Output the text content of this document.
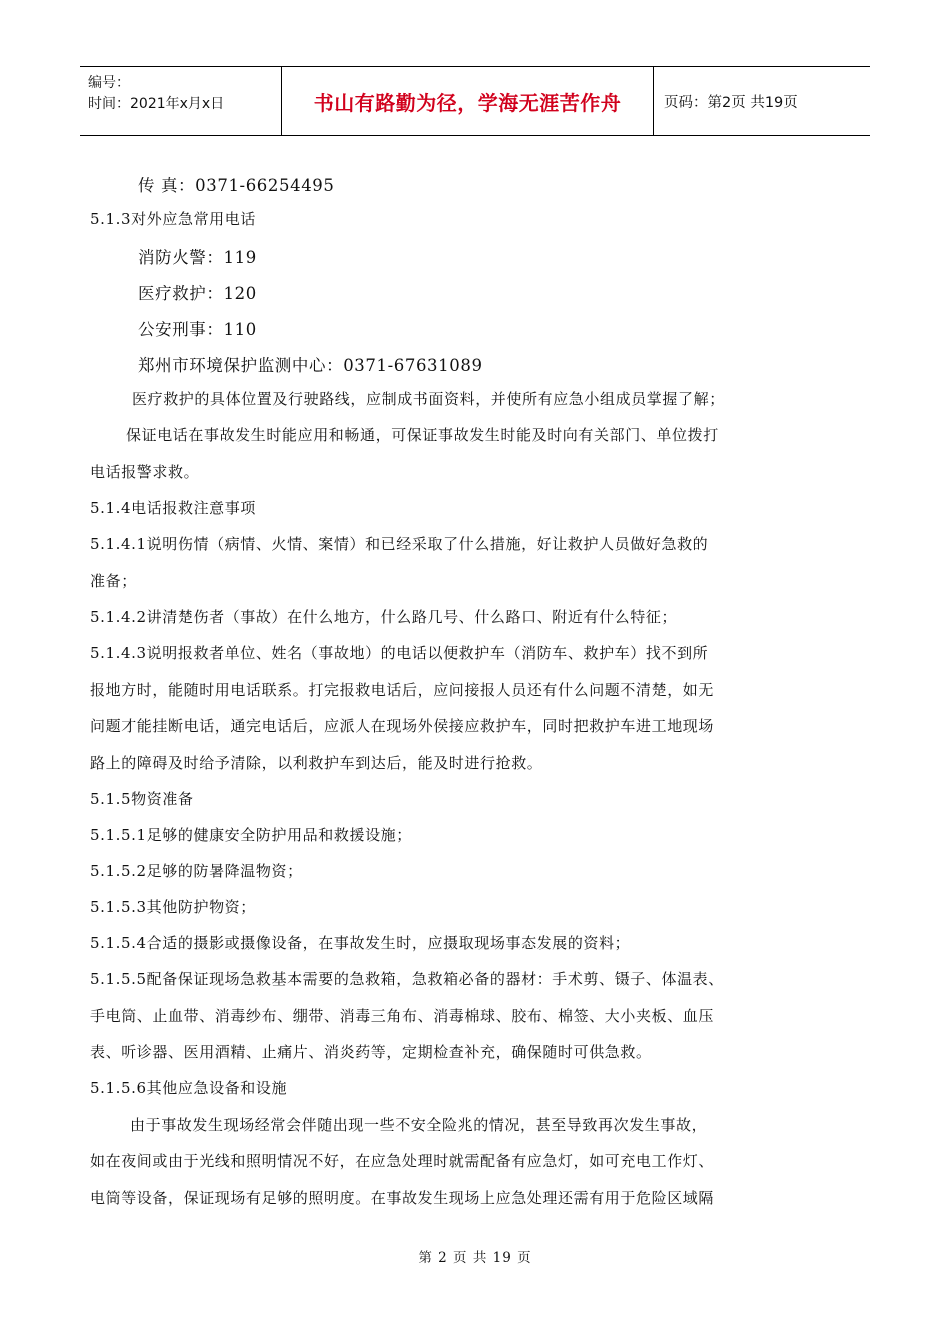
编号：
时间：2021年x月x日	书山有路勤为径，学海无涯苦作舟	页码：第2页 共19页
传 真：0371-66254495
5.1.3对外应急常用电话
消防火警：119
医疗救护：120
公安刑事：110
郑州市环境保护监测中心：0371-67631089
医疗救护的具体位置及行驶路线，应制成书面资料，并使所有应急小组成员掌握了解；
保证电话在事故发生时能应用和畅通，可保证事故发生时能及时向有关部门、单位拨打
电话报警求救。
5.1.4电话报救注意事项
5.1.4.1说明伤情（病情、火情、案情）和已经采取了什么措施，好让救护人员做好急救的
准备；
5.1.4.2讲清楚伤者（事故）在什么地方，什么路几号、什么路口、附近有什么特征；
5.1.4.3说明报救者单位、姓名（事故地）的电话以便救护车（消防车、救护车）找不到所
报地方时，能随时用电话联系。打完报救电话后，应问接报人员还有什么问题不清楚，如无
问题才能挂断电话，通完电话后，应派人在现场外侯接应救护车，同时把救护车进工地现场
路上的障碍及时给予清除，以利救护车到达后，能及时进行抢救。
5.1.5物资准备
5.1.5.1足够的健康安全防护用品和救援设施；
5.1.5.2足够的防暑降温物资；
5.1.5.3其他防护物资；
5.1.5.4合适的摄影或摄像设备，在事故发生时，应摄取现场事态发展的资料；
5.1.5.5配备保证现场急救基本需要的急救箱，急救箱必备的器材：手术剪、镊子、体温表、
手电筒、止血带、消毒纱布、绷带、消毒三角布、消毒棉球、胶布、棉签、大小夹板、血压
表、听诊器、医用酒精、止痛片、消炎药等，定期检查补充，确保随时可供急救。
5.1.5.6其他应急设备和设施
由于事故发生现场经常会伴随出现一些不安全险兆的情况，甚至导致再次发生事故，
如在夜间或由于光线和照明情况不好，在应急处理时就需配备有应急灯，如可充电工作灯、
电筒等设备，保证现场有足够的照明度。在事故发生现场上应急处理还需有用于危险区域隔
第 2 页 共 19 页
